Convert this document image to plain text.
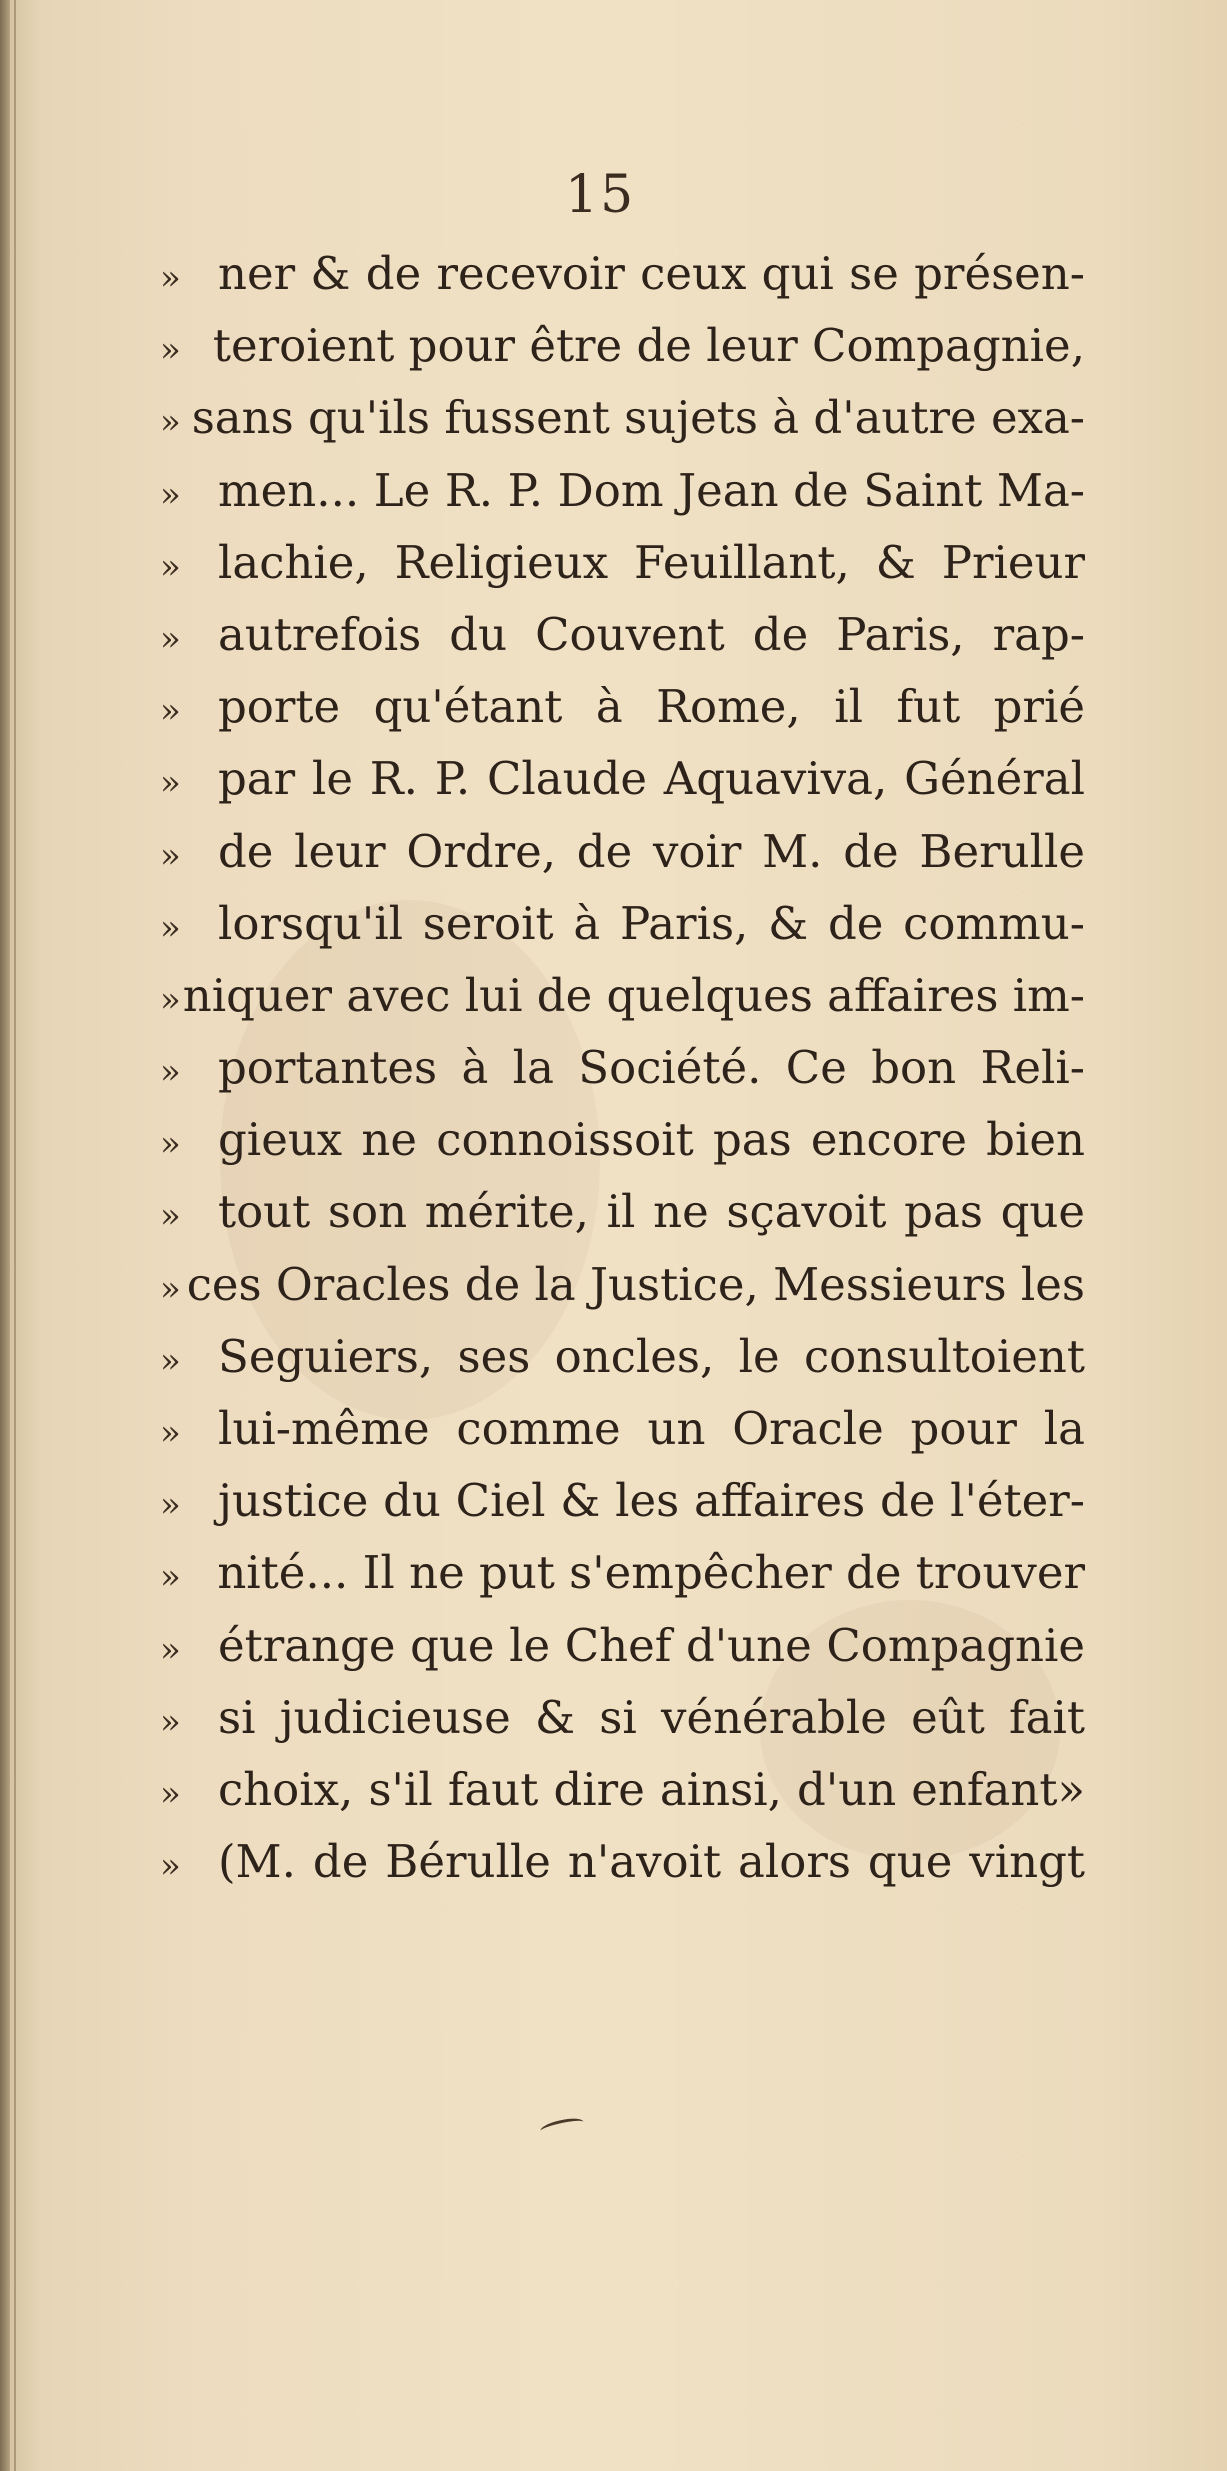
15
» ner & de recevoir ceux qui se présen-
» teroient pour être de leur Compagnie,
» sans qu'ils fussent sujets à d'autre exa-
» men... Le R. P. Dom Jean de Saint Ma-
» lachie, Religieux Feuillant, & Prieur
» autrefois du Couvent de Paris, rap-
» porte qu'étant à Rome, il fut prié
» par le R. P. Claude Aquaviva, Général
» de leur Ordre, de voir M. de Berulle
» lorsqu'il seroit à Paris, & de commu-
» niquer avec lui de quelques affaires im-
» portantes à la Société. Ce bon Reli-
» gieux ne connoissoit pas encore bien
» tout son mérite, il ne sçavoit pas que
» ces Oracles de la Justice, Messieurs les
» Seguiers, ses oncles, le consultoient
» lui-même comme un Oracle pour la
» justice du Ciel & les affaires de l'éter-
» nité... Il ne put s'empêcher de trouver
» étrange que le Chef d'une Compagnie
» si judicieuse & si vénérable eût fait
» choix, s'il faut dire ainsi, d'un enfant»
» (M. de Bérulle n'avoit alors que vingt
